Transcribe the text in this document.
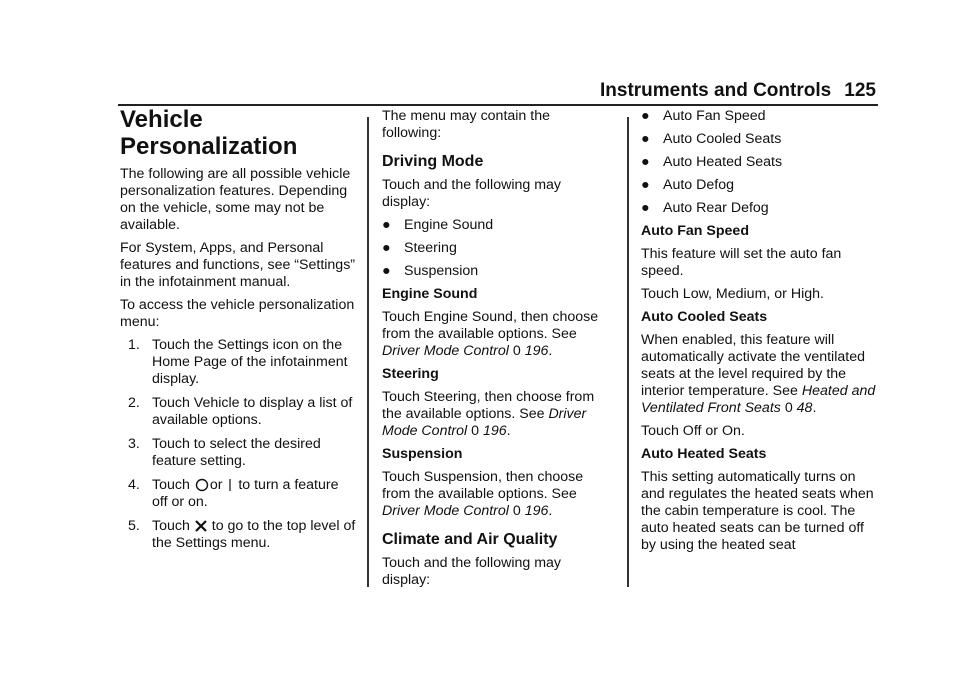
Instruments and Controls 125
Vehicle Personalization

The following are all possible vehicle personalization features. Depending on the vehicle, some may not be available.

For System, Apps, and Personal features and functions, see “Settings” in the infotainment manual.

To access the vehicle personalization menu:

1. Touch the Settings icon on the Home Page of the infotainment display.
2. Touch Vehicle to display a list of available options.
3. Touch to select the desired feature setting.
4. Touch or to turn a feature off or on.
5. Touch to go to the top level of the Settings menu.

The menu may contain the following:

Driving Mode

Touch and the following may display:

● Engine Sound
● Steering
● Suspension

Engine Sound

Touch Engine Sound, then choose from the available options. See Driver Mode Control 0 196.

Steering

Touch Steering, then choose from the available options. See Driver Mode Control 0 196.

Suspension

Touch Suspension, then choose from the available options. See Driver Mode Control 0 196.

Climate and Air Quality

Touch and the following may display:

● Auto Fan Speed
● Auto Cooled Seats
● Auto Heated Seats
● Auto Defog
● Auto Rear Defog

Auto Fan Speed

This feature will set the auto fan speed.

Touch Low, Medium, or High.

Auto Cooled Seats

When enabled, this feature will automatically activate the ventilated seats at the level required by the interior temperature. See Heated and Ventilated Front Seats 0 48.

Touch Off or On.

Auto Heated Seats

This setting automatically turns on and regulates the heated seats when the cabin temperature is cool. The auto heated seats can be turned off by using the heated seat
